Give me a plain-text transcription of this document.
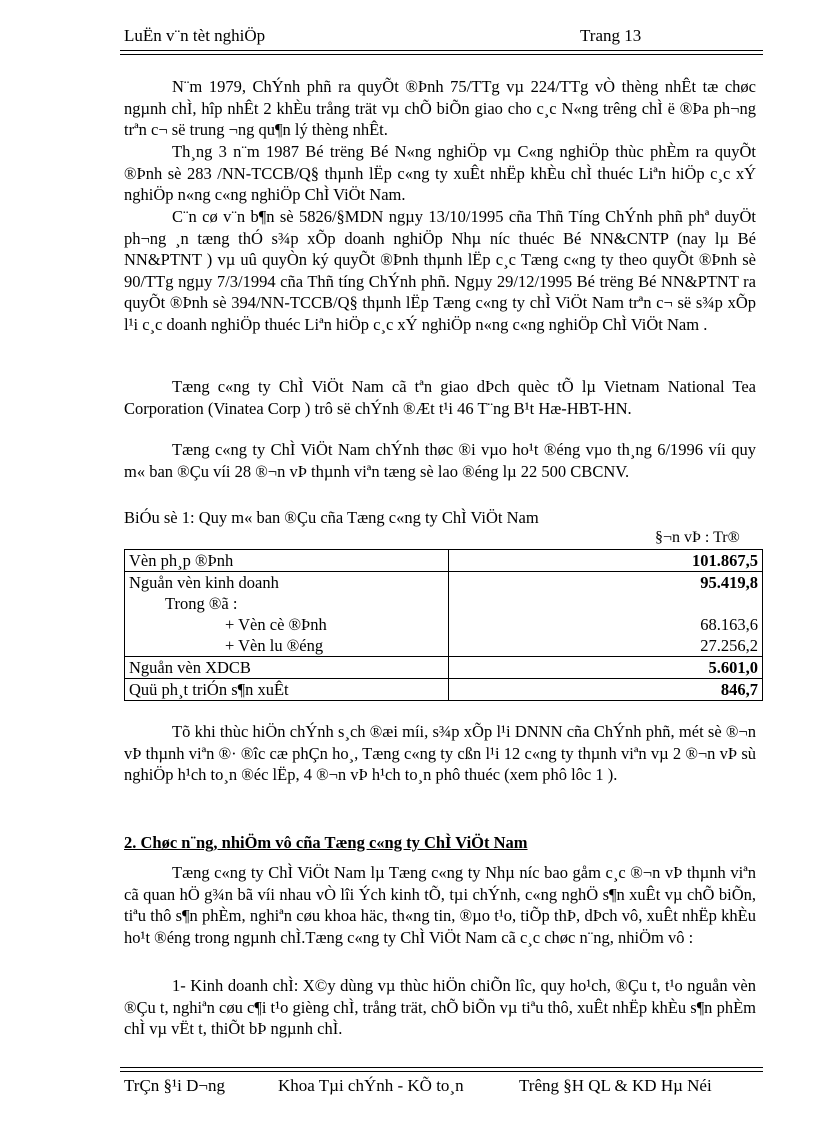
LuËn v¨n tèt nghiÖp	Trang 13
N¨m 1979, ChÝnh phñ ra quyÕt ®Þnh 75/TTg vµ 224/TTg vÒ thèng nhÊt tæ chøc ngµnh chÌ, hîp nhÊt 2 khÈu trång trät vµ chÕ biÕn giao cho c¸c N«ng trêng chÌ ë ®Þa ph¬ng trªn c¬ së trung ¬ng qu¶n lý thèng nhÊt.
Th¸ng 3 n¨m 1987 Bé trëng Bé N«ng nghiÖp vµ C«ng nghiÖp thùc phÈm ra quyÕt ®Þnh sè 283 /NN-TCCB/Q§ thµnh lËp c«ng ty xuÊt nhËp khÈu chÌ thuéc Liªn hiÖp c¸c xÝ nghiÖp n«ng c«ng nghiÖp ChÌ ViÖt Nam.
C¨n cø v¨n b¶n sè 5826/§MDN ngµy 13/10/1995 cña Thñ Tíng ChÝnh phñ phª duyÖt ph¬ng ¸n tæng thÓ s¾p xÕp doanh nghiÖp Nhµ níc thuéc Bé NN&CNTP (nay lµ Bé NN&PTNT ) vµ uû quyÒn ký quyÕt ®Þnh thµnh lËp c¸c Tæng c«ng ty theo quyÕt ®Þnh sè 90/TTg ngµy 7/3/1994 cña Thñ tíng ChÝnh phñ. Ngµy 29/12/1995 Bé trëng Bé NN&PTNT ra quyÕt ®Þnh sè 394/NN-TCCB/Q§ thµnh lËp Tæng c«ng ty chÌ ViÖt Nam trªn c¬ së s¾p xÕp l¹i c¸c doanh nghiÖp thuéc Liªn hiÖp c¸c xÝ nghiÖp n«ng c«ng nghiÖp ChÌ ViÖt Nam .
Tæng c«ng ty ChÌ ViÖt Nam cã tªn giao dÞch quèc tÕ lµ Vietnam National Tea Corporation (Vinatea Corp ) trô së chÝnh ®Æt t¹i 46 T¨ng B¹t Hæ-HBT-HN.
Tæng c«ng ty ChÌ ViÖt Nam chÝnh thøc ®i vµo ho¹t ®éng vµo th¸ng 6/1996 víi quy m« ban ®Çu víi 28 ®¬n vÞ thµnh viªn tæng sè lao ®éng lµ 22 500 CBCNV.
BiÓu sè 1: Quy m« ban ®Çu cña Tæng c«ng ty ChÌ ViÖt Nam
§¬n vÞ : Tr®
Vèn ph¸p ®Þnh	101.867,5
Nguån vèn kinh doanh	95.419,8
Trong ®ã :	
+ Vèn cè ®Þnh	68.163,6
+ Vèn lu ®éng	27.256,2
Nguån vèn XDCB	5.601,0
Quü ph¸t triÓn s¶n xuÊt	846,7
Tõ khi thùc hiÖn chÝnh s¸ch ®æi míi, s¾p xÕp l¹i DNNN cña ChÝnh phñ, mét sè ®¬n vÞ thµnh viªn ®· ®îc cæ phÇn ho¸, Tæng c«ng ty cßn l¹i 12 c«ng ty thµnh viªn vµ 2 ®¬n vÞ sù nghiÖp h¹ch to¸n ®éc lËp, 4 ®¬n vÞ h¹ch to¸n phô thuéc (xem phô lôc 1 ).
2. Chøc n¨ng, nhiÖm vô cña Tæng c«ng ty ChÌ ViÖt Nam
Tæng c«ng ty ChÌ ViÖt Nam lµ Tæng c«ng ty Nhµ níc bao gåm c¸c ®¬n vÞ thµnh viªn cã quan hÖ g¾n bã víi nhau vÒ lîi Ých kinh tÕ, tµi chÝnh, c«ng nghÖ s¶n xuÊt vµ chÕ biÕn, tiªu thô s¶n phÈm, nghiªn cøu khoa häc, th«ng tin, ®µo t¹o, tiÕp thÞ, dÞch vô, xuÊt nhËp khÈu ho¹t ®éng trong ngµnh chÌ.Tæng c«ng ty ChÌ ViÖt Nam cã c¸c chøc n¨ng, nhiÖm vô :
1- Kinh doanh chÌ: X©y dùng vµ thùc hiÖn chiÕn lîc, quy ho¹ch, ®Çu t, t¹o nguån vèn ®Çu t, nghiªn cøu c¶i t¹o gièng chÌ, trång trät, chÕ biÕn vµ tiªu thô, xuÊt nhËp khÈu s¶n phÈm chÌ vµ vËt t, thiÕt bÞ ngµnh chÌ.
TrÇn §¹i D¬ng	Khoa Tµi chÝnh - KÕ to¸n	Trêng §H QL & KD Hµ Néi
